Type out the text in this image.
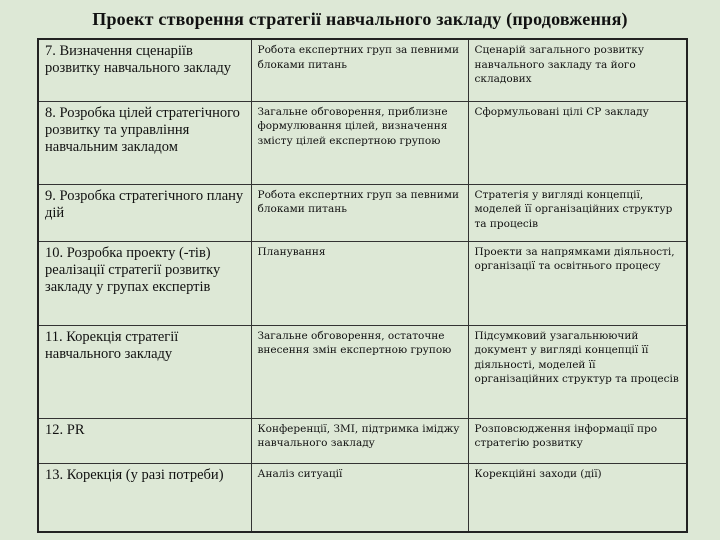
Проект створення стратегії навчального закладу (продовження)
7. Визначення сценаріїв розвитку навчального закладу	Робота експертних груп за певними блоками питань	Сценарій загального розвитку навчального закладу та його складових
8. Розробка цілей стратегічного розвитку та управління навчальним закладом	Загальне обговорення, приблизне формулювання цілей, визначення змісту цілей експертною групою	Сформульовані цілі СР закладу
9. Розробка стратегічного плану дій	Робота експертних груп за певними блоками питань	Стратегія у вигляді концепції, моделей її організаційних структур та процесів
10. Розробка проекту (-тів) реалізації стратегії розвитку закладу у групах експертів	Планування	Проекти за напрямками діяльності, організації та освітнього процесу
11. Корекція стратегії навчального закладу	Загальне обговорення, остаточне внесення змін експертною групою	Підсумковий узагальнюючий документ у вигляді концепції її діяльності, моделей її організаційних структур та процесів
12. PR	Конференції, ЗМІ, підтримка іміджу навчального закладу	Розповсюдження інформації про стратегію розвитку
13. Корекція (у разі потреби)	Аналіз ситуації	Корекційні заходи (дії)
